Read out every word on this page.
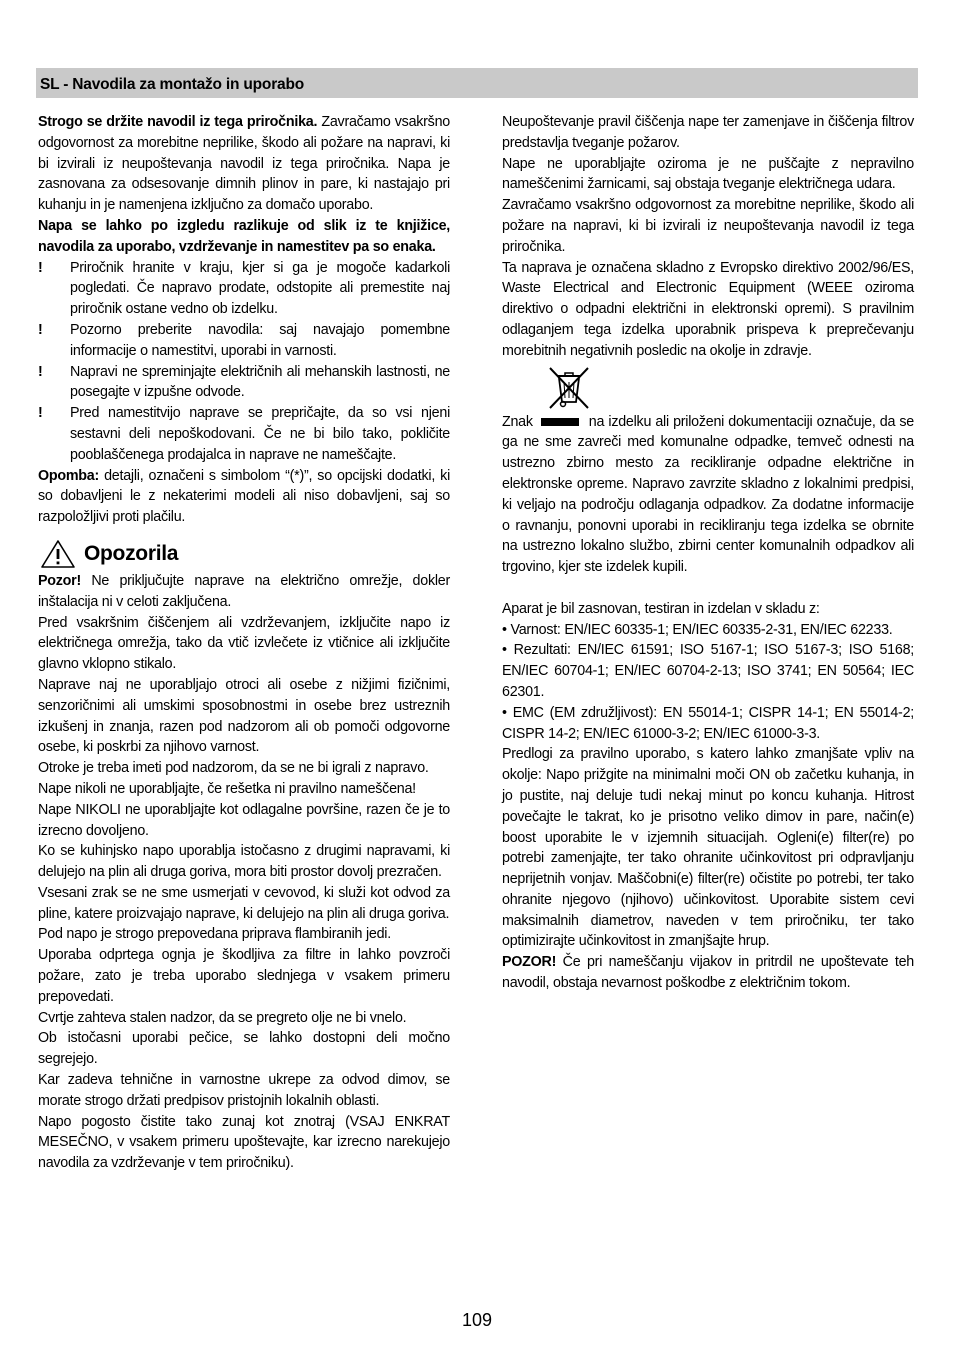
SL - Navodila za montažo in uporabo

Strogo se držite navodil iz tega priročnika. Zavračamo vsakršno odgovornost za morebitne neprilike, škodo ali požare na napravi, ki bi izvirali iz neupoštevanja navodil iz tega priročnika. Napa je zasnovana za odsesovanje dimnih plinov in pare, ki nastajajo pri kuhanju in je namenjena izključno za domačo uporabo.

Napa se lahko po izgledu razlikuje od slik iz te knjižice, navodila za uporabo, vzdrževanje in namestitev pa so enaka.

!	Priročnik hranite v kraju, kjer si ga je mogoče kadarkoli pogledati. Če napravo prodate, odstopite ali premestite naj priročnik ostane vedno ob izdelku.
!	Pozorno preberite navodila: saj navajajo pomembne informacije o namestitvi, uporabi in varnosti.
!	Napravi ne spreminjajte električnih ali mehanskih lastnosti, ne posegajte v izpušne odvode.
!	Pred namestitvijo naprave se prepričajte, da so vsi njeni sestavni deli nepoškodovani. Če ne bi bilo tako, pokličite pooblaščenega prodajalca in naprave ne nameščajte.

Opomba: detajli, označeni s simbolom “(*)”, so opcijski dodatki, ki so dobavljeni le z nekaterimi modeli ali niso dobavljeni, saj so razpoložljivi proti plačilu.

Opozorila

Pozor! Ne priključujte naprave na električno omrežje, dokler inštalacija ni v celoti zaključena.

Pred vsakršnim čiščenjem ali vzdrževanjem, izključite napo iz električnega omrežja, tako da vtič izvlečete iz vtičnice ali izključite glavno vklopno stikalo.

Naprave naj ne uporabljajo otroci ali osebe z nižjimi fizičnimi, senzoričnimi ali umskimi sposobnostmi in osebe brez ustreznih izkušenj in znanja, razen pod nadzorom ali ob pomoči odgovorne osebe, ki poskrbi za njihovo varnost.

Otroke je treba imeti pod nadzorom, da se ne bi igrali z napravo.

Nape nikoli ne uporabljajte, če rešetka ni pravilno nameščena!

Nape NIKOLI ne uporabljajte kot odlagalne površine, razen če je to izrecno dovoljeno.

Ko se kuhinjsko napo uporablja istočasno z drugimi napravami, ki delujejo na plin ali druga goriva, mora biti prostor dovolj prezračen.

Vsesani zrak se ne sme usmerjati v cevovod, ki služi kot odvod za pline, katere proizvajajo naprave, ki delujejo na plin ali druga goriva.

Pod napo je strogo prepovedana priprava flambiranih jedi.

Uporaba odprtega ognja je škodljiva za filtre in lahko povzroči požare, zato je treba uporabo slednjega v vsakem primeru prepovedati.

Cvrtje zahteva stalen nadzor, da se pregreto olje ne bi vnelo.

Ob istočasni uporabi pečice, se lahko dostopni deli močno segrejejo.

Kar zadeva tehnične in varnostne ukrepe za odvod dimov, se morate strogo držati predpisov pristojnih lokalnih oblasti.

Napo pogosto čistite tako zunaj kot znotraj (VSAJ ENKRAT MESEČNO, v vsakem primeru upoštevajte, kar izrecno narekujejo navodila za vzdrževanje v tem priročniku).

Neupoštevanje pravil čiščenja nape ter zamenjave in čiščenja filtrov predstavlja tveganje požarov.

Nape ne uporabljajte oziroma je ne puščajte z nepravilno nameščenimi žarnicami, saj obstaja tveganje električnega udara.

Zavračamo vsakršno odgovornost za morebitne neprilike, škodo ali požare na napravi, ki bi izvirali iz neupoštevanja navodil iz tega priročnika.

Ta naprava je označena skladno z Evropsko direktivo 2002/96/ES, Waste Electrical and Electronic Equipment (WEEE oziroma direktivo o odpadni električni in elektronski opremi). S pravilnim odlaganjem tega izdelka uporabnik prispeva k preprečevanju morebitnih negativnih posledic na okolje in zdravje.

Znak	na izdelku ali priloženi dokumentaciji označuje, da se ga ne sme zavreči med komunalne odpadke, temveč odnesti na ustrezno zbirno mesto za recikliranje odpadne električne in elektronske opreme. Napravo zavrzite skladno z lokalnimi predpisi, ki veljajo na področju odlaganja odpadkov. Za dodatne informacije o ravnanju, ponovni uporabi in recikliranju tega izdelka se obrnite na ustrezno lokalno službo, zbirni center komunalnih odpadkov ali trgovino, kjer ste izdelek kupili.

Aparat je bil zasnovan, testiran in izdelan v skladu z:

• Varnost: EN/IEC 60335-1; EN/IEC 60335-2-31, EN/IEC 62233.

• Rezultati: EN/IEC 61591; ISO 5167-1; ISO 5167-3; ISO 5168; EN/IEC 60704-1; EN/IEC 60704-2-13; ISO 3741; EN 50564; IEC 62301.

• EMC (EM združljivost): EN 55014-1; CISPR 14-1; EN 55014-2; CISPR 14-2; EN/IEC 61000-3-2; EN/IEC 61000-3-3.

Predlogi za pravilno uporabo, s katero lahko zmanjšate vpliv na okolje: Napo prižgite na minimalni moči ON ob začetku kuhanja, in jo pustite, naj deluje tudi nekaj minut po koncu kuhanja. Hitrost povečajte le takrat, ko je prisotno veliko dimov in pare, način(e) boost uporabite le v izjemnih situacijah. Ogleni(e) filter(re) po potrebi zamenjajte, ter tako ohranite učinkovitost pri odpravljanju neprijetnih vonjav. Maščobni(e) filter(re) očistite po potrebi, ter tako ohranite njegovo (njihovo) učinkovitost. Uporabite sistem cevi maksimalnih diametrov, naveden v tem priročniku, ter tako optimizirajte učinkovitost in zmanjšajte hrup.

POZOR! Če pri nameščanju vijakov in pritrdil ne upoštevate teh navodil, obstaja nevarnost poškodbe z električnim tokom.

109
